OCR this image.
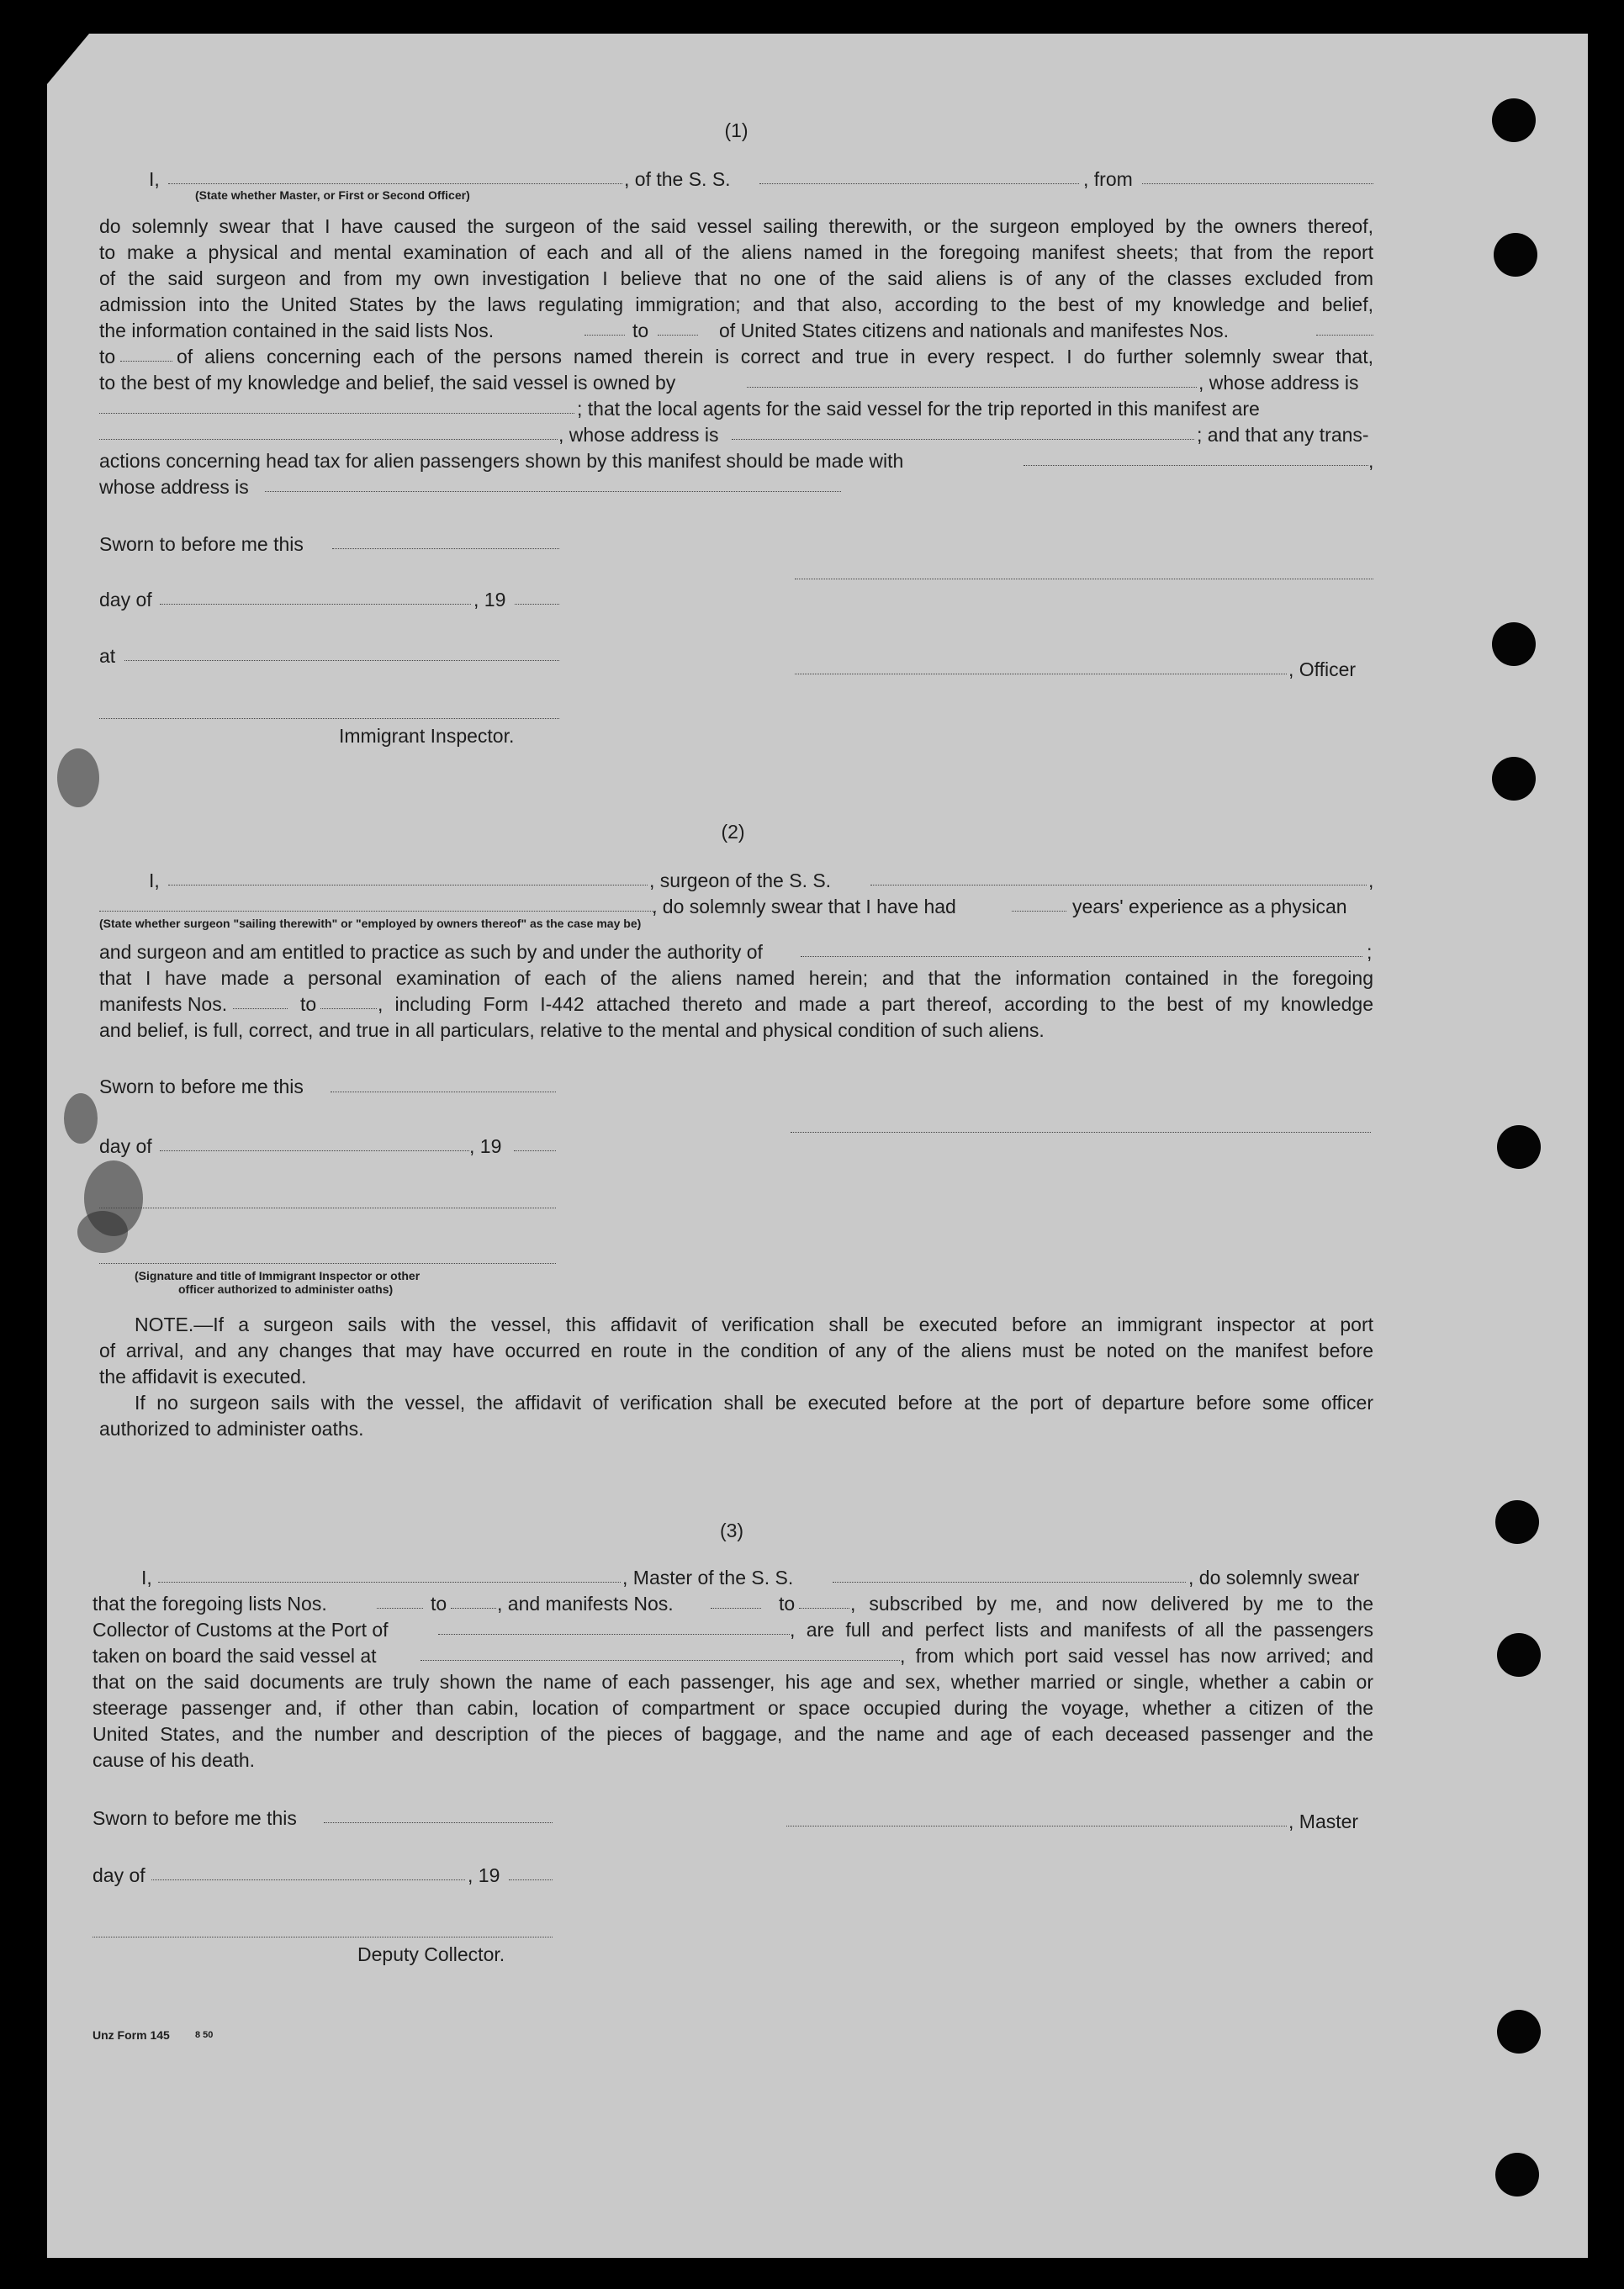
(1)
I,	, of the S. S.	, from
(State whether Master, or First or Second Officer)
do solemnly swear that I have caused the surgeon of the said vessel sailing therewith, or the surgeon employed by the owners thereof,
to make a physical and mental examination of each and all of the aliens named in the foregoing manifest sheets; that from the report
of the said surgeon and from my own investigation I believe that no one of the said aliens is of any of the classes excluded from
admission into the United States by the laws regulating immigration; and that also, according to the best of my knowledge and belief,
the information contained in the said lists Nos.	to	of United States citizens and nationals and manifestes Nos.
to	of aliens concerning each of the persons named therein is correct and true in every respect. I do further solemnly swear that,
to the best of my knowledge and belief, the said vessel is owned by	, whose address is
; that the local agents for the said vessel for the trip reported in this manifest are
, whose address is	; and that any trans-
actions concerning head tax for alien passengers shown by this manifest should be made with	,
whose address is
Sworn to before me this
day of	, 19
at
, Officer
Immigrant Inspector.
(2)
I,	, surgeon of the S. S.	,
, do solemnly swear that I have had	years' experience as a physican
(State whether surgeon "sailing therewith" or "employed by owners thereof" as the case may be)
and surgeon and am entitled to practice as such by and under the authority of	;
that I have made a personal examination of each of the aliens named herein; and that the information contained in the foregoing
manifests Nos.	to	, including Form I-442 attached thereto and made a part thereof, according to the best of my knowledge
and belief, is full, correct, and true in all particulars, relative to the mental and physical condition of such aliens.
Sworn to before me this
day of	, 19
(Signature and title of Immigrant Inspector or other
officer authorized to administer oaths)
NOTE.—If a surgeon sails with the vessel, this affidavit of verification shall be executed before an immigrant inspector at port
of arrival, and any changes that may have occurred en route in the condition of any of the aliens must be noted on the manifest before
the affidavit is executed.
If no surgeon sails with the vessel, the affidavit of verification shall be executed before at the port of departure before some officer
authorized to administer oaths.
(3)
I,	, Master of the S. S.	, do solemnly swear
that the foregoing lists Nos.	to	, and manifests Nos.	to	, subscribed by me, and now delivered by me to the
Collector of Customs at the Port of	, are full and perfect lists and manifests of all the passengers
taken on board the said vessel at	, from which port said vessel has now arrived; and
that on the said documents are truly shown the name of each passenger, his age and sex, whether married or single, whether a cabin or
steerage passenger and, if other than cabin, location of compartment or space occupied during the voyage, whether a citizen of the
United States, and the number and description of the pieces of baggage, and the name and age of each deceased passenger and the
cause of his death.
Sworn to before me this	, Master
day of	, 19
Deputy Collector.
Unz Form 145	8 50
